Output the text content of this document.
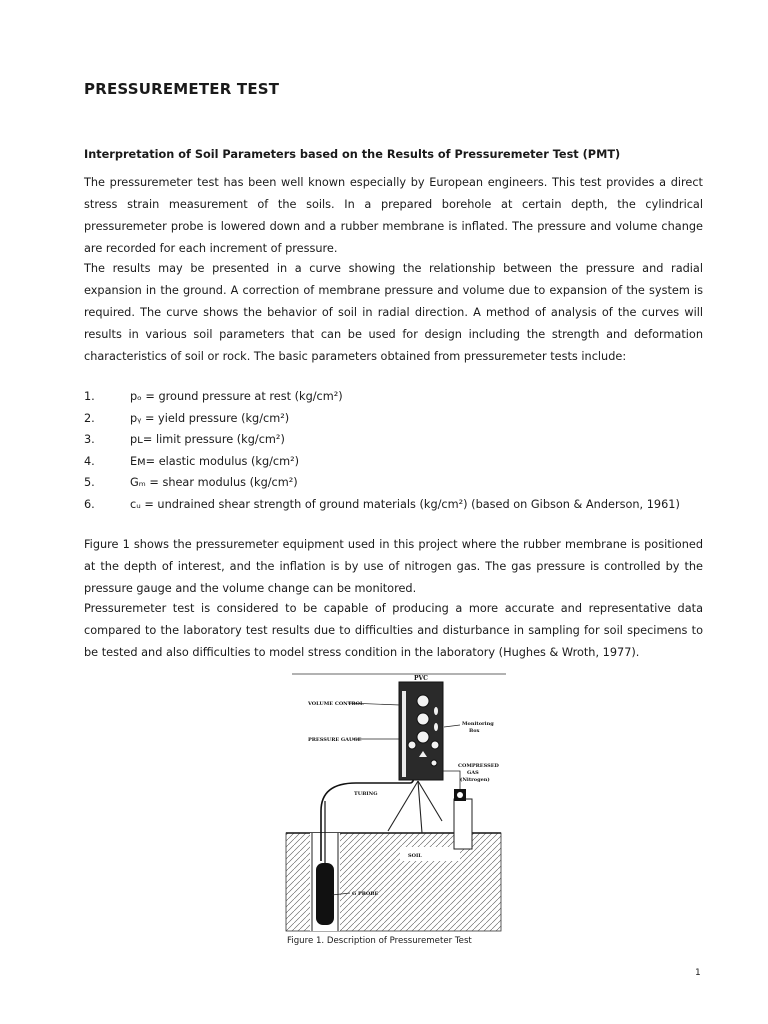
PRESSUREMETER TEST
Interpretation of Soil Parameters based on the Results of Pressuremeter Test (PMT)

The pressuremeter test has been well known especially by European engineers. This test provides a direct stress strain measurement of the soils. In a prepared borehole at certain depth, the cylindrical pressuremeter probe is lowered down and a rubber membrane is inflated. The pressure and volume change are recorded for each increment of pressure.

The results may be presented in a curve showing the relationship between the pressure and radial expansion in the ground. A correction of membrane pressure and volume due to expansion of the system is required. The curve shows the behavior of soil in radial direction. A method of analysis of the curves will results in various soil parameters that can be used for design including the strength and deformation characteristics of soil or rock. The basic parameters obtained from pressuremeter tests include:

1.	pₒ = ground pressure at rest (kg/cm²)
2.	pᵧ = yield pressure (kg/cm²)
3.	pʟ= limit pressure (kg/cm²)
4.	Eᴍ= elastic modulus (kg/cm²)
5.	Gₘ = shear modulus (kg/cm²)
6.	cᵤ = undrained shear strength of ground materials (kg/cm²) (based on Gibson & Anderson, 1961)

Figure 1 shows the pressuremeter equipment used in this project where the rubber membrane is positioned at the depth of interest, and the inflation is by use of nitrogen gas. The gas pressure is controlled by the pressure gauge and the volume change can be monitored.

Pressuremeter test is considered to be capable of producing a more accurate and representative data compared to the laboratory test results due to difficulties and disturbance in sampling for soil specimens to be tested and also difficulties to model stress condition in the laboratory (Hughes & Wroth, 1977).

PVC
VOLUME CONTROL
PRESSURE GAUGE
Monitoring
Box
COMPRESSED
GAS
(Nitrogen)
TUBING
SOIL
G PROBE

Figure 1. Description of Pressuremeter Test

1
